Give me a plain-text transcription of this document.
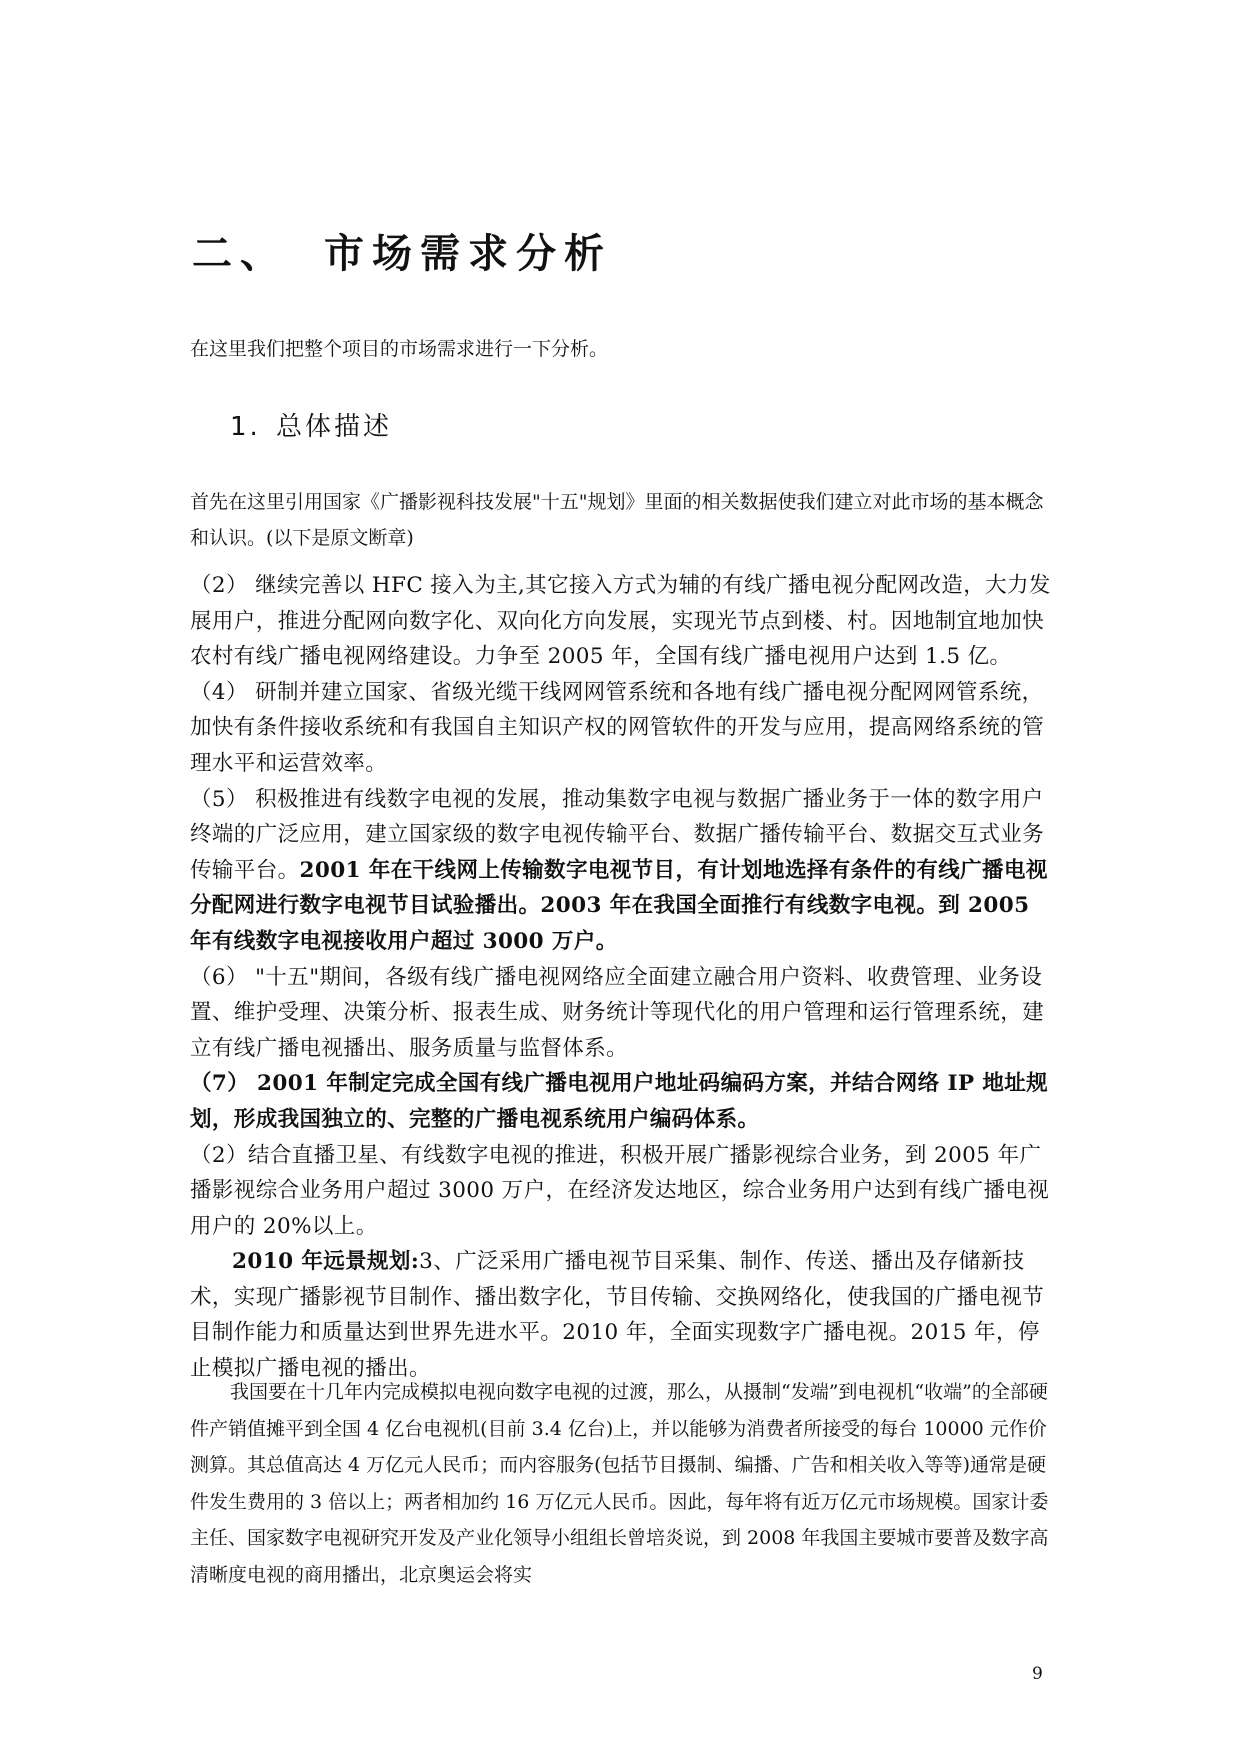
二、 市场需求分析
在这里我们把整个项目的市场需求进行一下分析。
1. 总体描述

首先在这里引用国家《广播影视科技发展"十五"规划》里面的相关数据使我们建立对此市场的基本概念和认识。(以下是原文断章)

（2） 继续完善以 HFC 接入为主,其它接入方式为辅的有线广播电视分配网改造，大力发展用户，推进分配网向数字化、双向化方向发展，实现光节点到楼、村。因地制宜地加快农村有线广播电视网络建设。力争至 2005 年，全国有线广播电视用户达到 1.5 亿。

（4） 研制并建立国家、省级光缆干线网网管系统和各地有线广播电视分配网网管系统，加快有条件接收系统和有我国自主知识产权的网管软件的开发与应用，提高网络系统的管理水平和运营效率。

（5） 积极推进有线数字电视的发展，推动集数字电视与数据广播业务于一体的数字用户终端的广泛应用，建立国家级的数字电视传输平台、数据广播传输平台、数据交互式业务传输平台。2001 年在干线网上传输数字电视节目，有计划地选择有条件的有线广播电视分配网进行数字电视节目试验播出。2003 年在我国全面推行有线数字电视。到 2005 年有线数字电视接收用户超过 3000 万户。

（6） "十五"期间，各级有线广播电视网络应全面建立融合用户资料、收费管理、业务设置、维护受理、决策分析、报表生成、财务统计等现代化的用户管理和运行管理系统，建立有线广播电视播出、服务质量与监督体系。

（7） 2001 年制定完成全国有线广播电视用户地址码编码方案，并结合网络 IP 地址规划，形成我国独立的、完整的广播电视系统用户编码体系。

（2）结合直播卫星、有线数字电视的推进，积极开展广播影视综合业务，到 2005 年广播影视综合业务用户超过 3000 万户，在经济发达地区，综合业务用户达到有线广播电视用户的 20%以上。

2010 年远景规划:3、广泛采用广播电视节目采集、制作、传送、播出及存储新技术，实现广播影视节目制作、播出数字化，节目传输、交换网络化，使我国的广播电视节目制作能力和质量达到世界先进水平。2010 年，全面实现数字广播电视。2015 年，停止模拟广播电视的播出。

我国要在十几年内完成模拟电视向数字电视的过渡，那么，从摄制“发端”到电视机“收端”的全部硬件产销值摊平到全国 4 亿台电视机(目前 3.4 亿台)上，并以能够为消费者所接受的每台 10000 元作价测算。其总值高达 4 万亿元人民币；而内容服务(包括节目摄制、编播、广告和相关收入等等)通常是硬件发生费用的 3 倍以上；两者相加约 16 万亿元人民币。因此，每年将有近万亿元市场规模。国家计委主任、国家数字电视研究开发及产业化领导小组组长曾培炎说，到 2008 年我国主要城市要普及数字高清晰度电视的商用播出，北京奥运会将实

9
